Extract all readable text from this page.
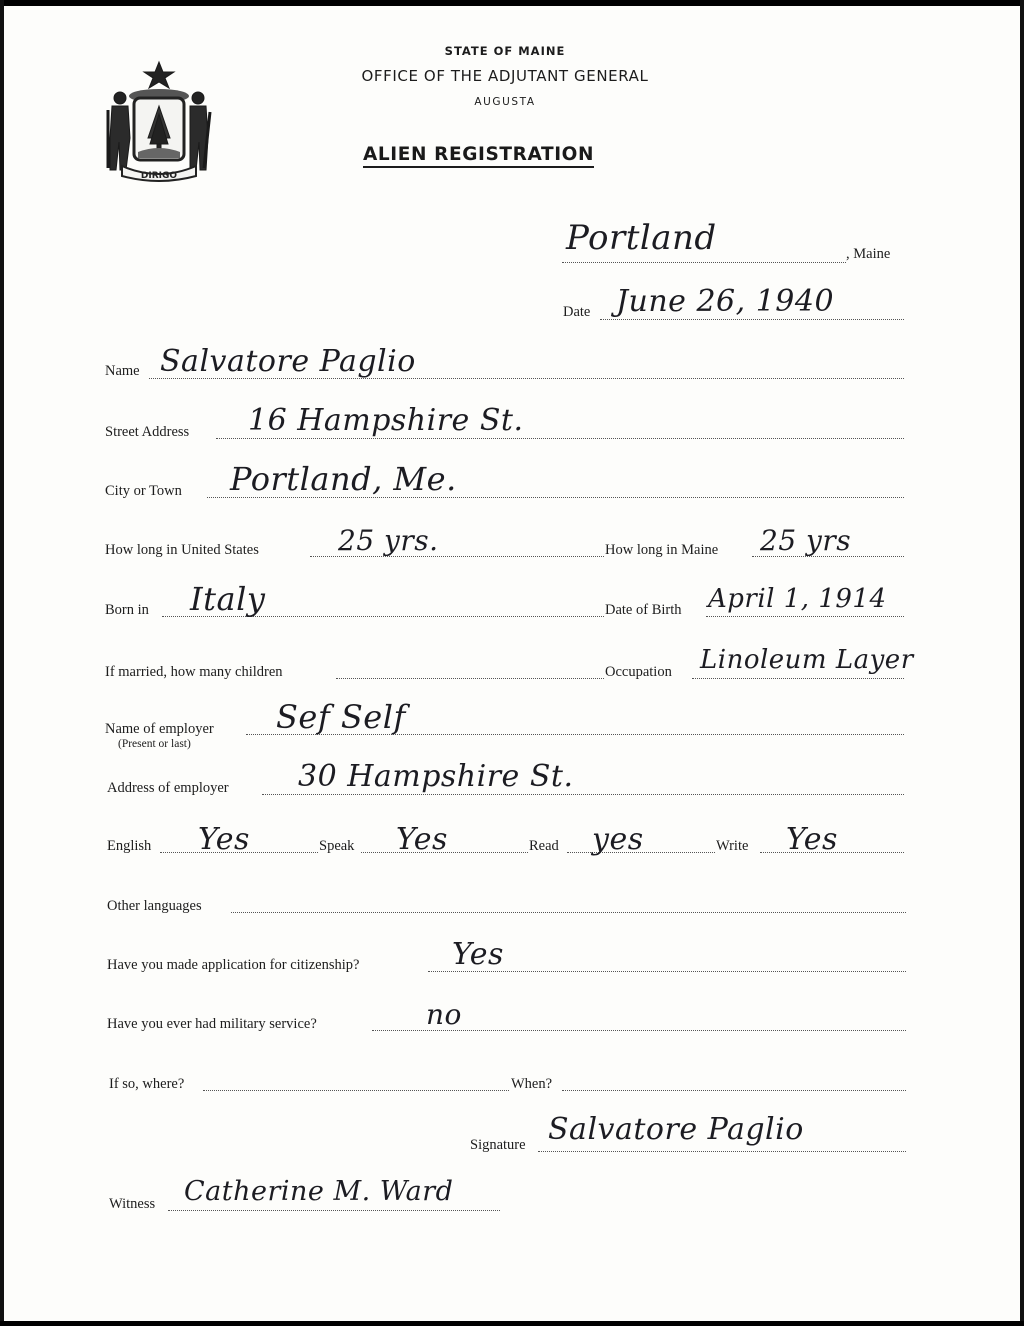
DIRIGO
STATE OF MAINE
OFFICE OF THE ADJUTANT GENERAL
AUGUSTA
ALIEN REGISTRATION
Portland	, Maine
Date June 26, 1940
Name Salvatore Paglio
Street Address 16 Hampshire St.
City or Town Portland, Me.
How long in United States	25 yrs.	How long in Maine 25 yrs
Born in Italy	Date of Birth April 1, 1914
If married, how many children	Occupation Linoleum Layer
Name of employer
(Present or last)
Sef Self
Address of employer 30 Hampshire St.
English Yes	Speak Yes	Read yes	Write Yes
Other languages
Have you made application for citizenship?	Yes
Have you ever had military service?	no
If so, where?	When?
Signature Salvatore Paglio
Witness Catherine M. Ward
